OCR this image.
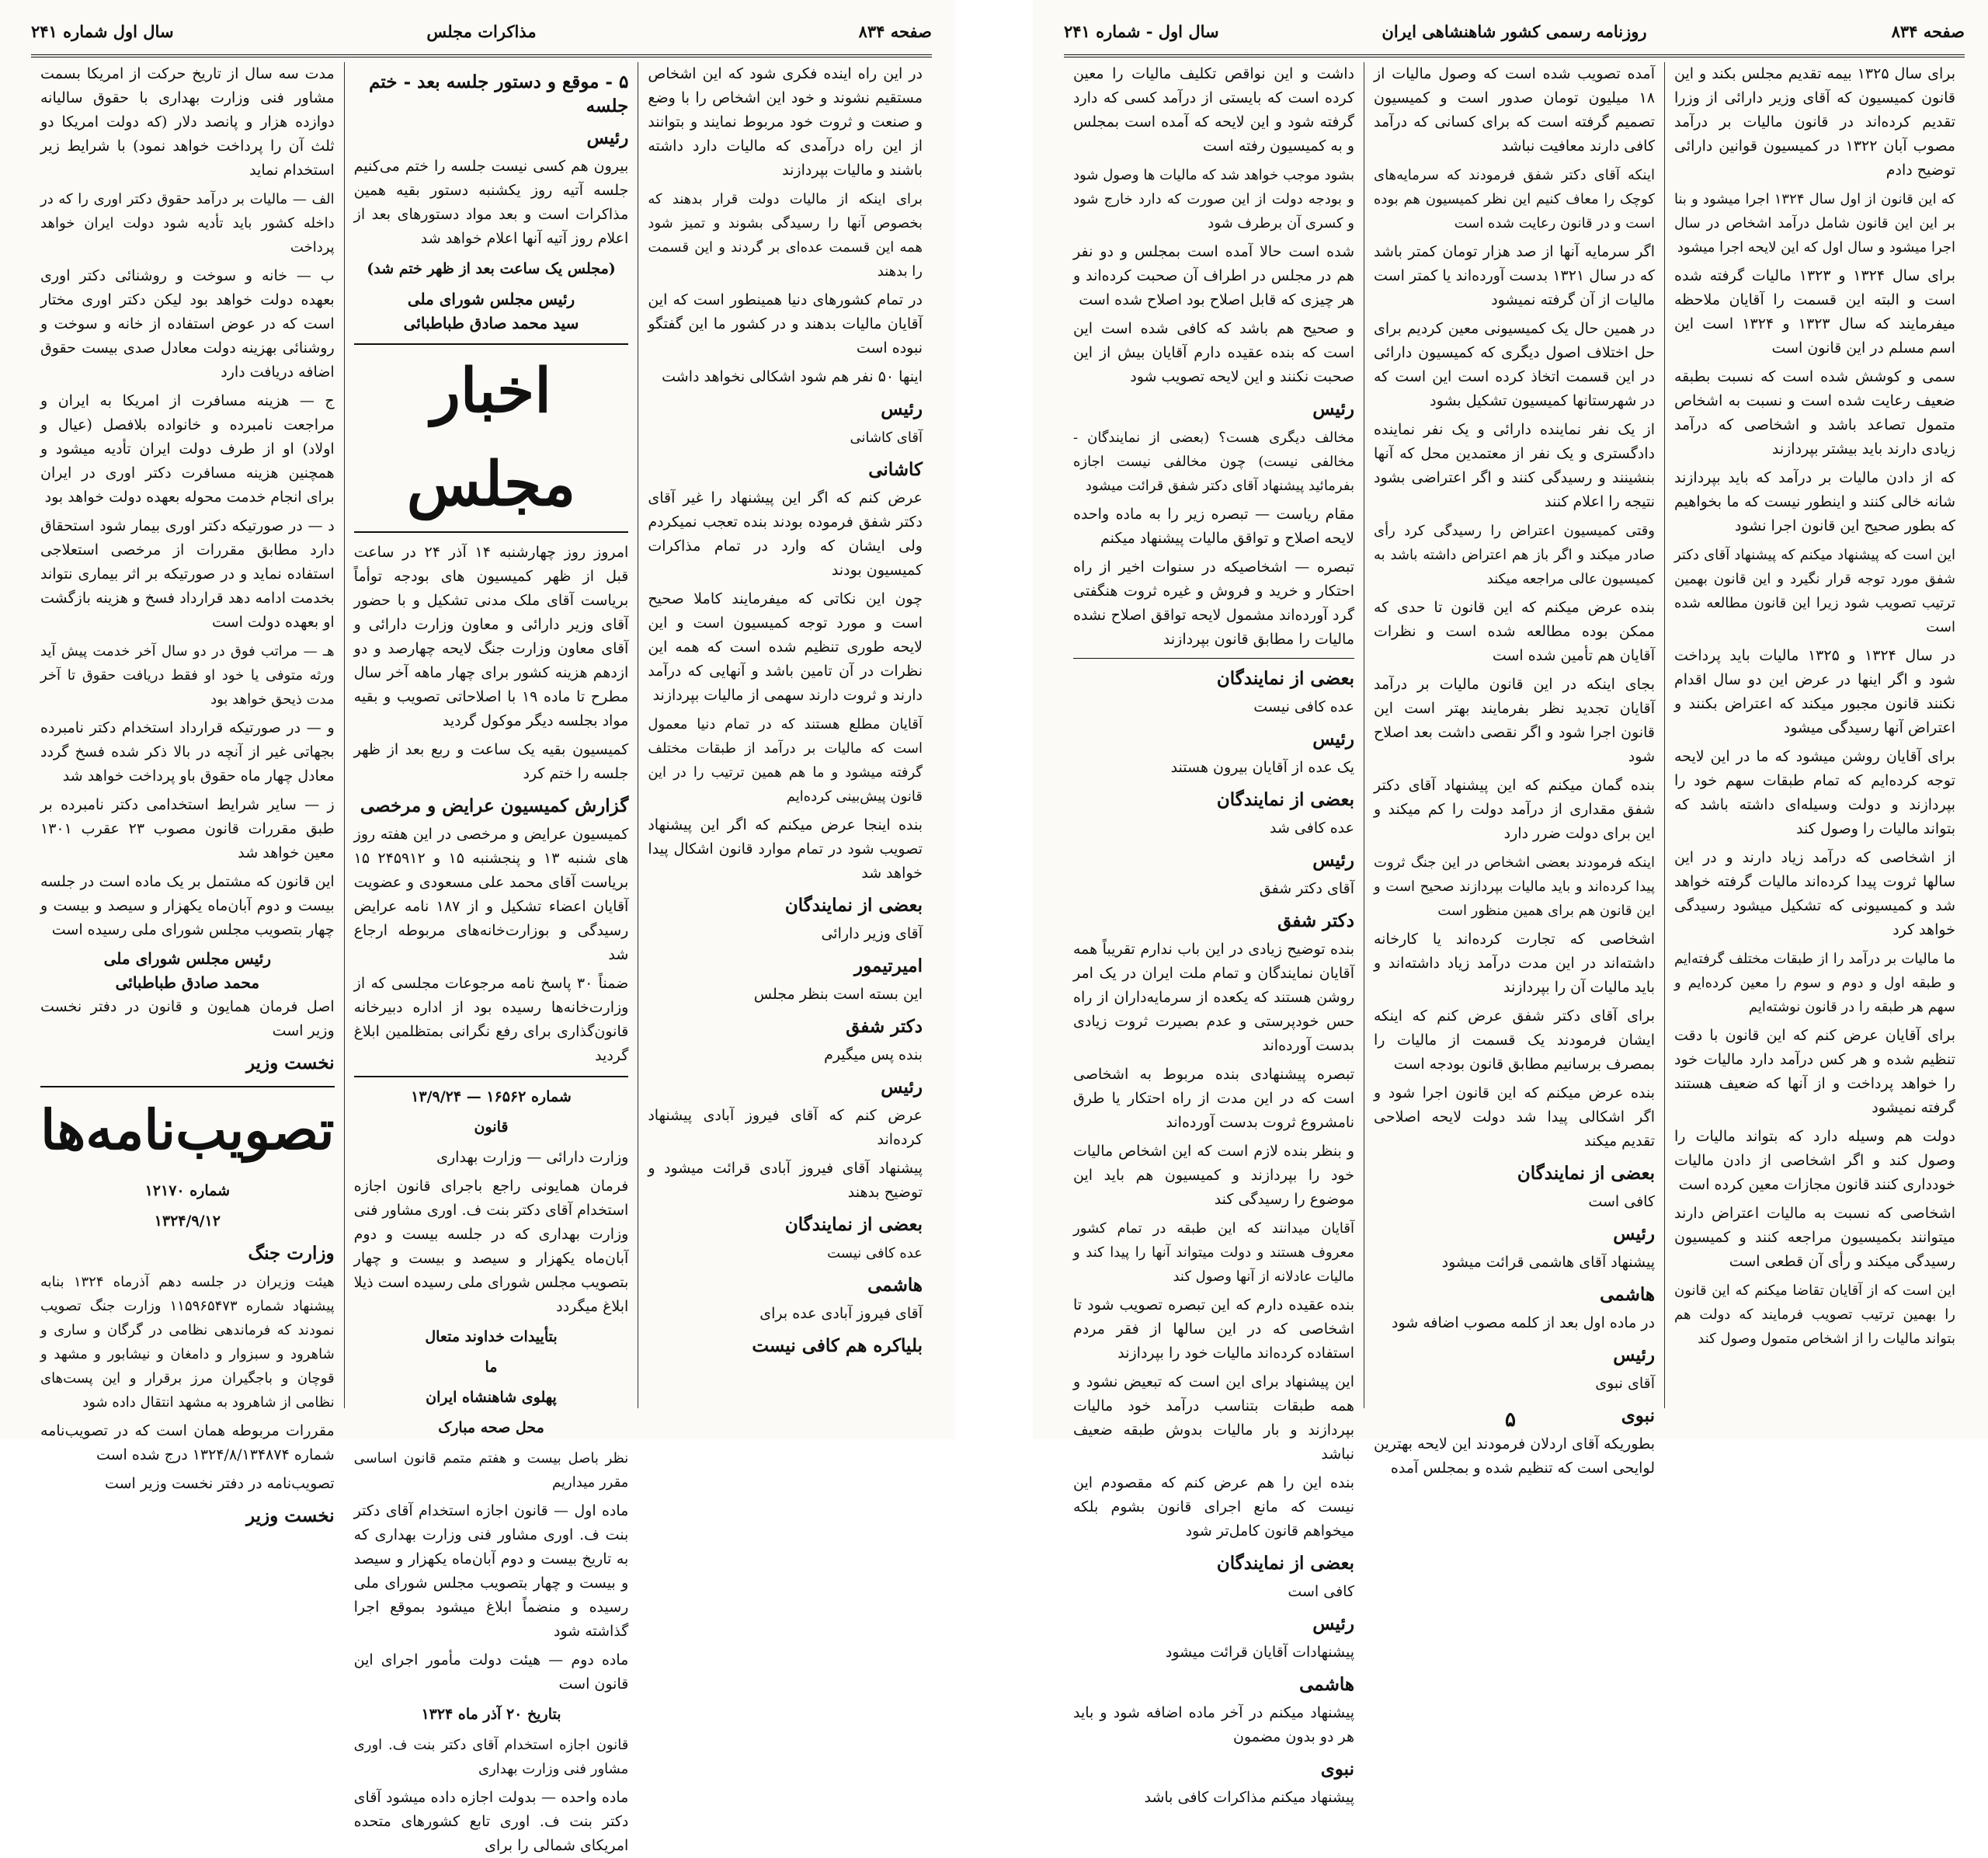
صفحه ۸۳۴
مذاکرات مجلس
سال اول شماره ۲۴۱

در این راه اینده فکری شود که این اشخاص مستقیم نشوند و خود این اشخاص را با وضع و صنعت و ثروت خود مربوط نمایند و بتوانند از این راه درآمدی که مالیات دارد داشته باشند و مالیات بپردازند

برای اینکه از مالیات دولت قرار بدهند که بخصوص آنها را رسیدگی بشوند و تمیز شود همه این قسمت عده‌ای بر گردند و این قسمت را بدهند

در تمام کشورهای دنیا همینطور است که این آقایان مالیات بدهند و در کشور ما این گفتگو نبوده است

اینها ۵۰ نفر هم شود اشکالی نخواهد داشت

رئیس

آقای کاشانی

کاشانی

عرض کنم که اگر این پیشنهاد را غیر آقای دکتر شفق فرموده بودند بنده تعجب نمیکردم ولی ایشان که وارد در تمام مذاکرات کمیسیون بودند

چون این نکاتی که میفرمایند کاملا صحیح است و مورد توجه کمیسیون است و این لایحه طوری تنظیم شده است که همه این نظرات در آن تامین باشد و آنهایی که درآمد دارند و ثروت دارند سهمی از مالیات بپردازند

آقایان مطلع هستند که در تمام دنیا معمول است که مالیات بر درآمد از طبقات مختلف گرفته میشود و ما هم همین ترتیب را در این قانون پیش‌بینی کرده‌ایم

بنده اینجا عرض میکنم که اگر این پیشنهاد تصویب شود در تمام موارد قانون اشکال پیدا خواهد شد

بعضی از نمایندگان

آقای وزیر دارائی

امیرتیمور

این بسته است بنظر مجلس

دکتر شفق

بنده پس میگیرم

رئیس

عرض کنم که آقای فیروز آبادی پیشنهاد کرده‌اند

پیشنهاد آقای فیروز آبادی قرائت میشود و توضیح بدهند

بعضی از نمایندگان

عده کافی نیست

هاشمی

آقای فیروز آبادی عده برای

بلیاکره هم کافی نیست
۵ - موقع و دستور جلسه بعد - ختم جلسه
رئیس

بیرون هم کسی نیست جلسه را ختم می‌کنیم جلسه آتیه روز یکشنبه دستور بقیه همین مذاکرات است و بعد مواد دستورهای بعد از اعلام روز آتیه آنها اعلام خواهد شد

(مجلس یک ساعت بعد از ظهر ختم شد)
رئیس مجلس شورای ملی
سید محمد صادق طباطبائی
اخبار مجلس

امروز روز چهارشنبه ۱۴ آذر ۲۴ در ساعت قبل از ظهر کمیسیون های بودجه توأماً بریاست آقای ملک مدنی تشکیل و با حضور آقای وزیر دارائی و معاون وزارت دارائی و آقای معاون وزارت جنگ لایحه چهارصد و دو ازدهم هزینه کشور برای چهار ماهه آخر سال مطرح تا ماده ۱۹ با اصلاحاتی تصویب و بقیه مواد بجلسه دیگر موکول گردید

کمیسیون بقیه یک ساعت و ربع بعد از ظهر جلسه را ختم کرد

گزارش کمیسیون عرایض و مرخصی

کمیسیون عرایض و مرخصی در این هفته روز های شنبه ۱۳ و پنجشنبه ۱۵ و ۲۴۵۹۱۲ ۱۵ بریاست آقای محمد علی مسعودی و عضویت آقایان اعضاء تشکیل و از ۱۸۷ نامه عرایض رسیدگی و بوزارت‌خانه‌های مربوطه ارجاع شد

ضمناً ۳۰ پاسخ نامه مرجوعات مجلسی که از وزارت‌خانه‌ها رسیده بود از اداره دبیرخانه قانون‌گذاری برای رفع نگرانی بمتظلمین ابلاغ گردید

شماره ۱۶۵۶۲ — ۱۳/۹/۲۴
قانون

وزارت دارائی — وزارت بهداری

فرمان همایونی راجع باجرای قانون اجازه استخدام آقای دکتر بنت ف. اوری مشاور فنی وزارت بهداری که در جلسه بیست و دوم آبان‌ماه یکهزار و سیصد و بیست و چهار بتصویب مجلس شورای ملی رسیده است ذیلا ابلاغ میگردد

بتأییدات خداوند متعال
ما
پهلوی شاهنشاه ایران
محل صحه مبارک

نظر باصل بیست و هفتم متمم قانون اساسی مقرر میداریم

ماده اول — قانون اجازه استخدام آقای دکتر بنت ف. اوری مشاور فنی وزارت بهداری که به تاریخ بیست و دوم آبان‌ماه یکهزار و سیصد و بیست و چهار بتصویب مجلس شورای ملی رسیده و منضماً ابلاغ میشود بموقع اجرا گذاشته شود

ماده دوم — هیئت دولت مأمور اجرای این قانون است

بتاریخ ۲۰ آذر ماه ۱۳۲۴

قانون اجازه استخدام آقای دکتر بنت ف. اوری مشاور فنی وزارت بهداری

ماده واحده — بدولت اجازه داده میشود آقای دکتر بنت ف. اوری تابع کشورهای متحده امریکای شمالی را برای

مدت سه سال از تاریخ حرکت از امریکا بسمت مشاور فنی وزارت بهداری با حقوق سالیانه دوازده هزار و پانصد دلار (که دولت امریکا دو ثلث آن را پرداخت خواهد نمود) با شرایط زیر استخدام نماید

الف — مالیات بر درآمد حقوق دکتر اوری را که در داخله کشور باید تأدیه شود دولت ایران خواهد پرداخت

ب — خانه و سوخت و روشنائی دکتر اوری بعهده دولت خواهد بود لیکن دکتر اوری مختار است که در عوض استفاده از خانه و سوخت و روشنائی بهزینه دولت معادل صدی بیست حقوق اضافه دریافت دارد

ج — هزینه مسافرت از امریکا به ایران و مراجعت نامبرده و خانواده بلافصل (عیال و اولاد) او از طرف دولت ایران تأدیه میشود و همچنین هزینه مسافرت دکتر اوری در ایران برای انجام خدمت محوله بعهده دولت خواهد بود

د — در صورتیکه دکتر اوری بیمار شود استحقاق دارد مطابق مقررات از مرخصی استعلاجی استفاده نماید و در صورتیکه بر اثر بیماری نتواند بخدمت ادامه دهد قرارداد فسخ و هزینه بازگشت او بعهده دولت است

هـ — مراتب فوق در دو سال آخر خدمت پیش آید ورثه متوفی یا خود او فقط دریافت حقوق تا آخر مدت ذیحق خواهد بود

و — در صورتیکه قرارداد استخدام دکتر نامبرده بجهاتی غیر از آنچه در بالا ذکر شده فسخ گردد معادل چهار ماه حقوق باو پرداخت خواهد شد

ز — سایر شرایط استخدامی دکتر نامبرده بر طبق مقررات قانون مصوب ۲۳ عقرب ۱۳۰۱ معین خواهد شد

این قانون که مشتمل بر یک ماده است در جلسه بیست و دوم آبان‌ماه یکهزار و سیصد و بیست و چهار بتصویب مجلس شورای ملی رسیده است

رئیس مجلس شورای ملی
محمد صادق طباطبائی

اصل فرمان همایون و قانون در دفتر نخست وزیر است

نخست وزیر
تصویب‌نامه‌ها
شماره ۱۲۱۷۰
۱۳۲۴/۹/۱۲
وزارت جنگ

هیئت وزیران در جلسه دهم آذرماه ۱۳۲۴ بنابه پیشنهاد شماره ۱۱۵۹۶۵۴۷۳ وزارت جنگ تصویب نمودند که فرماندهی نظامی در گرگان و ساری و شاهرود و سبزوار و دامغان و نیشابور و مشهد و قوچان و باجگیران مرز برقرار و این پست‌های نظامی از شاهرود به مشهد انتقال داده شود

مقررات مربوطه همان است که در تصویب‌نامه شماره ۱۳۲۴/۸/۱۳۴۸۷۴ درج شده است

تصویب‌نامه در دفتر نخست وزیر است

نخست وزیر
صفحه ۸۳۴
روزنامه رسمی کشور شاهنشاهی ایران
سال اول - شماره ۲۴۱

برای سال ۱۳۲۵ بیمه تقدیم مجلس بکند و این قانون کمیسیون که آقای وزیر دارائی از وزرا تقدیم کرده‌اند در قانون مالیات بر درآمد مصوب آبان ۱۳۲۲ در کمیسیون قوانین دارائی توضیح دادم

که این قانون از اول سال ۱۳۲۴ اجرا میشود و بنا بر این این قانون شامل درآمد اشخاص در سال اجرا میشود و سال اول که این لایحه اجرا میشود

برای سال ۱۳۲۴ و ۱۳۲۳ مالیات گرفته شده است و البته این قسمت را آقایان ملاحظه میفرمایند که سال ۱۳۲۳ و ۱۳۲۴ است این اسم مسلم در این قانون است

سمی و کوشش شده است که نسبت بطبقه ضعیف رعایت شده است و نسبت به اشخاص متمول تصاعد باشد و اشخاصی که درآمد زیادی دارند باید بیشتر بپردازند

که از دادن مالیات بر درآمد که باید بپردازند شانه خالی کنند و اینطور نیست که ما بخواهیم که بطور صحیح این قانون اجرا نشود

این است که پیشنهاد میکنم که پیشنهاد آقای دکتر شفق مورد توجه قرار نگیرد و این قانون بهمین ترتیب تصویب شود زیرا این قانون مطالعه شده است

در سال ۱۳۲۴ و ۱۳۲۵ مالیات باید پرداخت شود و اگر اینها در عرض این دو سال اقدام نکنند قانون مجبور میکند که اعتراض بکنند و اعتراض آنها رسیدگی میشود

برای آقایان روشن میشود که ما در این لایحه توجه کرده‌ایم که تمام طبقات سهم خود را بپردازند و دولت وسیله‌ای داشته باشد که بتواند مالیات را وصول کند

از اشخاصی که درآمد زیاد دارند و در این سالها ثروت پیدا کرده‌اند مالیات گرفته خواهد شد و کمیسیونی که تشکیل میشود رسیدگی خواهد کرد

ما مالیات بر درآمد را از طبقات مختلف گرفته‌ایم و طبقه اول و دوم و سوم را معین کرده‌ایم و سهم هر طبقه را در قانون نوشته‌ایم

برای آقایان عرض کنم که این قانون با دقت تنظیم شده و هر کس درآمد دارد مالیات خود را خواهد پرداخت و از آنها که ضعیف هستند گرفته نمیشود

دولت هم وسیله دارد که بتواند مالیات را وصول کند و اگر اشخاصی از دادن مالیات خودداری کنند قانون مجازات معین کرده است

اشخاصی که نسبت به مالیات اعتراض دارند میتوانند بکمیسیون مراجعه کنند و کمیسیون رسیدگی میکند و رأی آن قطعی است

این است که از آقایان تقاضا میکنم که این قانون را بهمین ترتیب تصویب فرمایند که دولت هم بتواند مالیات را از اشخاص متمول وصول کند

آمده تصویب شده است که وصول مالیات از ۱۸ میلیون تومان صدور است و کمیسیون تصمیم گرفته است که برای کسانی که درآمد کافی دارند معافیت نباشد

اینکه آقای دکتر شفق فرمودند که سرمایه‌های کوچک را معاف کنیم این نظر کمیسیون هم بوده است و در قانون رعایت شده است

اگر سرمایه آنها از صد هزار تومان کمتر باشد که در سال ۱۳۲۱ بدست آورده‌اند یا کمتر است مالیات از آن گرفته نمیشود

در همین حال یک کمیسیونی معین کردیم برای حل اختلاف اصول دیگری که کمیسیون دارائی در این قسمت اتخاذ کرده است این است که در شهرستانها کمیسیون تشکیل بشود

از یک نفر نماینده دارائی و یک نفر نماینده دادگستری و یک نفر از معتمدین محل که آنها بنشینند و رسیدگی کنند و اگر اعتراضی بشود نتیجه را اعلام کنند

وقتی کمیسیون اعتراض را رسیدگی کرد رأی صادر میکند و اگر باز هم اعتراض داشته باشد به کمیسیون عالی مراجعه میکند

بنده عرض میکنم که این قانون تا حدی که ممکن بوده مطالعه شده است و نظرات آقایان هم تأمین شده است

بجای اینکه در این قانون مالیات بر درآمد آقایان تجدید نظر بفرمایند بهتر است این قانون اجرا شود و اگر نقصی داشت بعد اصلاح شود

بنده گمان میکنم که این پیشنهاد آقای دکتر شفق مقداری از درآمد دولت را کم میکند و این برای دولت ضرر دارد

اینکه فرمودند بعضی اشخاص در این جنگ ثروت پیدا کرده‌اند و باید مالیات بپردازند صحیح است و این قانون هم برای همین منظور است

اشخاصی که تجارت کرده‌اند یا کارخانه داشته‌اند در این مدت درآمد زیاد داشته‌اند و باید مالیات آن را بپردازند

برای آقای دکتر شفق عرض کنم که اینکه ایشان فرمودند یک قسمت از مالیات را بمصرف برسانیم مطابق قانون بودجه است

بنده عرض میکنم که این قانون اجرا شود و اگر اشکالی پیدا شد دولت لایحه اصلاحی تقدیم میکند

بعضی از نمایندگان

کافی است

رئیس

پیشنهاد آقای هاشمی قرائت میشود

هاشمی

در ماده اول بعد از کلمه مصوب اضافه شود

رئیس

آقای نبوی

نبوی

بطوریکه آقای اردلان فرمودند این لایحه بهترین لوایحی است که تنظیم شده و بمجلس آمده

داشت و این نواقص تکلیف مالیات را معین کرده است که بایستی از درآمد کسی که دارد گرفته شود و این لایحه که آمده است بمجلس و به کمیسیون رفته است

بشود موجب خواهد شد که مالیات ها وصول شود و بودجه دولت از این صورت که دارد خارج شود و کسری آن برطرف شود

شده است حالا آمده است بمجلس و دو نفر هم در مجلس در اطراف آن صحبت کرده‌اند و هر چیزی که قابل اصلاح بود اصلاح شده است

و صحیح هم باشد که کافی شده است این است که بنده عقیده دارم آقایان بیش از این صحبت نکنند و این لایحه تصویب شود

رئیس

مخالف دیگری هست؟ (بعضی از نمایندگان - مخالفی نیست) چون مخالفی نیست اجازه بفرمائید پیشنهاد آقای دکتر شفق قرائت میشود

مقام ریاست — تبصره زیر را به ماده واحده لایحه اصلاح و تواقق مالیات پیشنهاد میکنم

تبصره — اشخاصیکه در سنوات اخیر از راه احتکار و خرید و فروش و غیره ثروت هنگفتی گرد آورده‌اند مشمول لایحه تواقق اصلاح نشده مالیات را مطابق قانون بپردازند

بعضی از نمایندگان

عده کافی نیست

رئیس

یک عده از آقایان بیرون هستند

بعضی از نمایندگان

عده کافی شد

رئیس

آقای دکتر شفق

دکتر شفق

بنده توضیح زیادی در این باب ندارم تقریباً همه آقایان نمایندگان و تمام ملت ایران در یک امر روشن هستند که یکعده از سرمایه‌داران از راه حس خودپرستی و عدم بصیرت ثروت زیادی بدست آورده‌اند

تبصره پیشنهادی بنده مربوط به اشخاصی است که در این مدت از راه احتکار یا طرق نامشروع ثروت بدست آورده‌اند

و بنظر بنده لازم است که این اشخاص مالیات خود را بپردازند و کمیسیون هم باید این موضوع را رسیدگی کند

آقایان میدانند که این طبقه در تمام کشور معروف هستند و دولت میتواند آنها را پیدا کند و مالیات عادلانه از آنها وصول کند

بنده عقیده دارم که این تبصره تصویب شود تا اشخاصی که در این سالها از فقر مردم استفاده کرده‌اند مالیات خود را بپردازند

این پیشنهاد برای این است که تبعیض نشود و همه طبقات بتناسب درآمد خود مالیات بپردازند و بار مالیات بدوش طبقه ضعیف نباشد

بنده این را هم عرض کنم که مقصودم این نیست که مانع اجرای قانون بشوم بلکه میخواهم قانون کامل‌تر شود

بعضی از نمایندگان

کافی است

رئیس

پیشنهادات آقایان قرائت میشود

هاشمی

پیشنهاد میکنم در آخر ماده اضافه شود و باید هر دو بدون مضمون

نبوی

پیشنهاد میکنم مذاکرات کافی باشد

۵
